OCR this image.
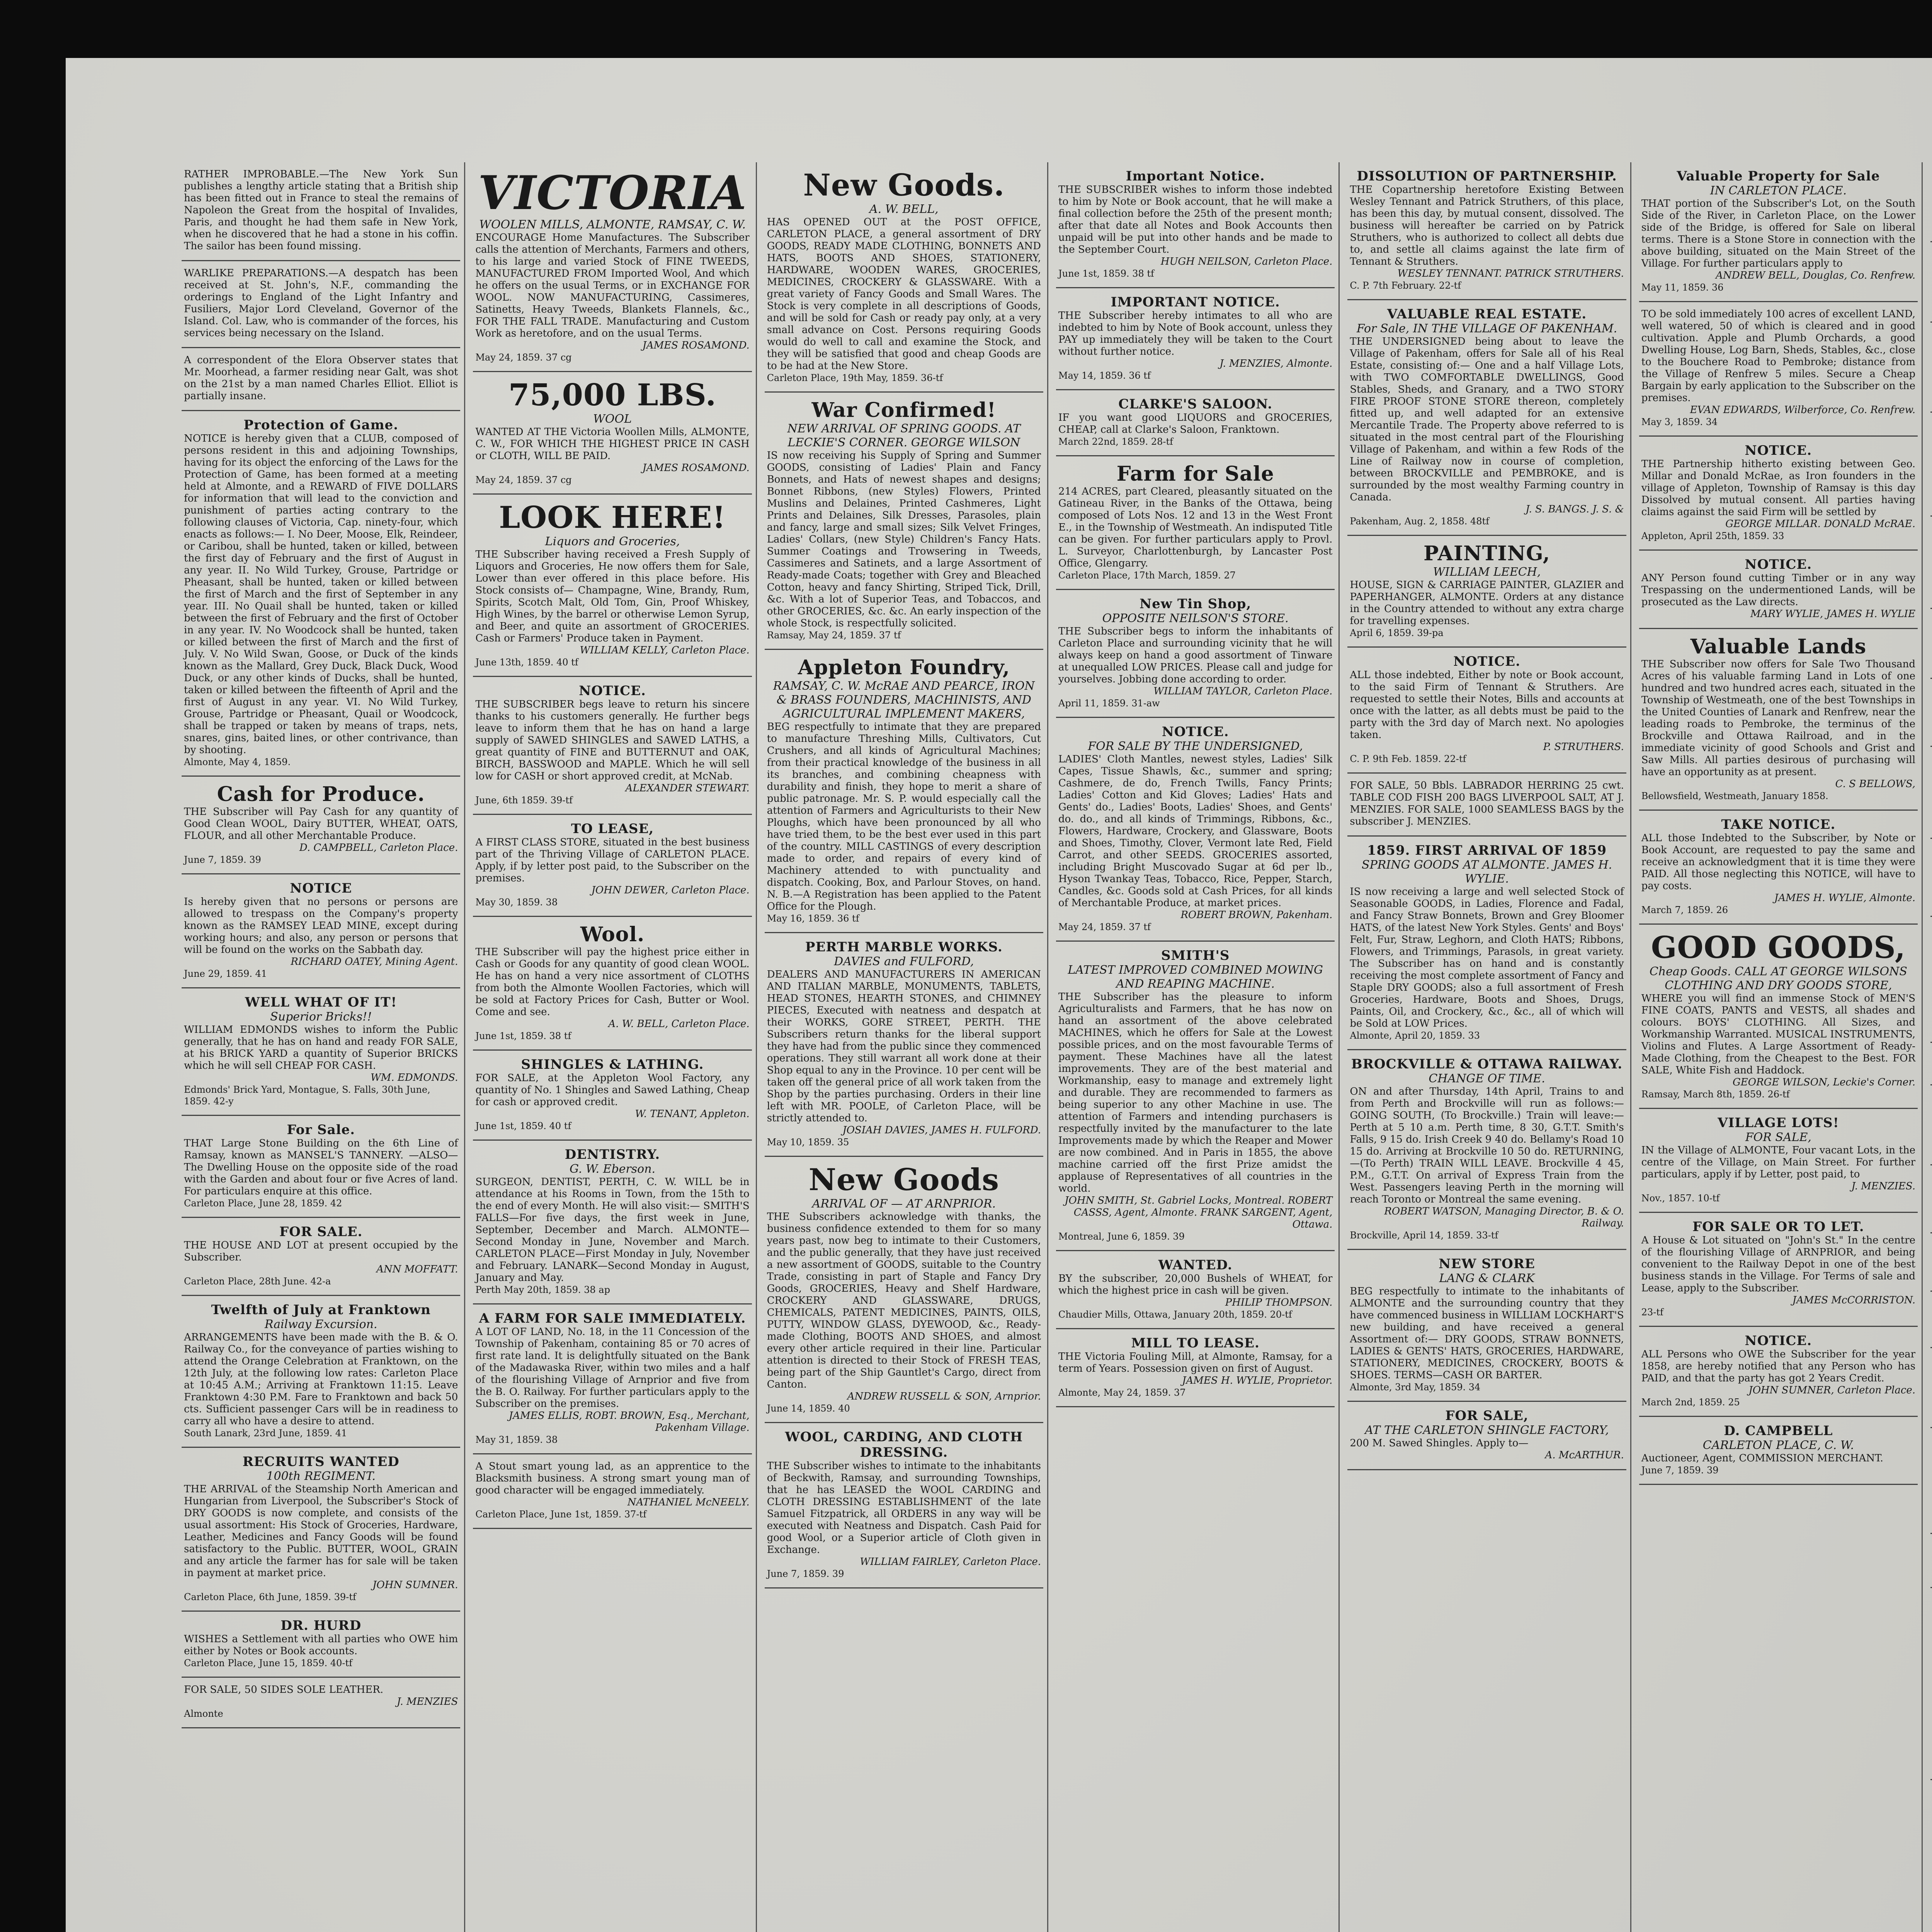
RATHER IMPROBABLE.—The New York Sun publishes a lengthy article stating that a British ship has been fitted out in France to steal the remains of Napoleon the Great from the hospital of Invalides, Paris, and thought he had them safe in New York, when he discovered that he had a stone in his coffin. The sailor has been found missing.
WARLIKE PREPARATIONS.—A despatch has been received at St. John's, N.F., commanding the orderings to England of the Light Infantry and Fusiliers, Major Lord Cleveland, Governor of the Island. Col. Law, who is commander of the forces, his services being necessary on the Island.
A correspondent of the Elora Observer states that Mr. Moorhead, a farmer residing near Galt, was shot on the 21st by a man named Charles Elliot. Elliot is partially insane.
Protection of Game.
NOTICE is hereby given that a CLUB, composed of persons resident in this and adjoining Townships, having for its object the enforcing of the Laws for the Protection of Game, has been formed at a meeting held at Almonte, and a REWARD of FIVE DOLLARS for information that will lead to the conviction and punishment of parties acting contrary to the following clauses of Victoria, Cap. ninety-four, which enacts as follows:— I. No Deer, Moose, Elk, Reindeer, or Caribou, shall be hunted, taken or killed, between the first day of February and the first of August in any year. II. No Wild Turkey, Grouse, Partridge or Pheasant, shall be hunted, taken or killed between the first of March and the first of September in any year. III. No Quail shall be hunted, taken or killed between the first of February and the first of October in any year. IV. No Woodcock shall be hunted, taken or killed between the first of March and the first of July. V. No Wild Swan, Goose, or Duck of the kinds known as the Mallard, Grey Duck, Black Duck, Wood Duck, or any other kinds of Ducks, shall be hunted, taken or killed between the fifteenth of April and the first of August in any year. VI. No Wild Turkey, Grouse, Partridge or Pheasant, Quail or Woodcock, shall be trapped or taken by means of traps, nets, snares, gins, baited lines, or other contrivance, than by shooting.
Almonte, May 4, 1859.
Cash for Produce.
THE Subscriber will Pay Cash for any quantity of Good Clean WOOL, Dairy BUTTER, WHEAT, OATS, FLOUR, and all other Merchantable Produce.
D. CAMPBELL, Carleton Place.
June 7, 1859. 39
NOTICE
Is hereby given that no persons or persons are allowed to trespass on the Company's property known as the RAMSEY LEAD MINE, except during working hours; and also, any person or persons that will be found on the works on the Sabbath day.
RICHARD OATEY, Mining Agent.
June 29, 1859. 41
WELL WHAT OF IT!
Superior Bricks!!
WILLIAM EDMONDS wishes to inform the Public generally, that he has on hand and ready FOR SALE, at his BRICK YARD a quantity of Superior BRICKS which he will sell CHEAP FOR CASH.
WM. EDMONDS.
Edmonds' Brick Yard, Montague, S. Falls, 30th June, 1859. 42-y
For Sale.
THAT Large Stone Building on the 6th Line of Ramsay, known as MANSEL'S TANNERY. —ALSO— The Dwelling House on the opposite side of the road with the Garden and about four or five Acres of land. For particulars enquire at this office.
Carleton Place, June 28, 1859. 42
FOR SALE.
THE HOUSE AND LOT at present occupied by the Subscriber.
ANN MOFFATT.
Carleton Place, 28th June. 42-a
Twelfth of July at Franktown
Railway Excursion.
ARRANGEMENTS have been made with the B. & O. Railway Co., for the conveyance of parties wishing to attend the Orange Celebration at Franktown, on the 12th July, at the following low rates: Carleton Place at 10:45 A.M.; Arriving at Franktown 11:15. Leave Franktown 4:30 P.M. Fare to Franktown and back 50 cts. Sufficient passenger Cars will be in readiness to carry all who have a desire to attend.
South Lanark, 23rd June, 1859. 41
RECRUITS WANTED
100th REGIMENT.
THE ARRIVAL of the Steamship North American and Hungarian from Liverpool, the Subscriber's Stock of DRY GOODS is now complete, and consists of the usual assortment: His Stock of Groceries, Hardware, Leather, Medicines and Fancy Goods will be found satisfactory to the Public. BUTTER, WOOL, GRAIN and any article the farmer has for sale will be taken in payment at market price.
JOHN SUMNER.
Carleton Place, 6th June, 1859. 39-tf
DR. HURD
WISHES a Settlement with all parties who OWE him either by Notes or Book accounts.
Carleton Place, June 15, 1859. 40-tf
FOR SALE, 50 SIDES SOLE LEATHER.
J. MENZIES
Almonte
VICTORIA
WOOLEN MILLS, ALMONTE, RAMSAY, C. W.
ENCOURAGE Home Manufactures. The Subscriber calls the attention of Merchants, Farmers and others, to his large and varied Stock of FINE TWEEDS, MANUFACTURED FROM Imported Wool, And which he offers on the usual Terms, or in EXCHANGE FOR WOOL. NOW MANUFACTURING, Cassimeres, Satinetts, Heavy Tweeds, Blankets Flannels, &c., FOR THE FALL TRADE. Manufacturing and Custom Work as heretofore, and on the usual Terms.
JAMES ROSAMOND.
May 24, 1859. 37 cg
75,000 LBS.
WOOL
WANTED AT THE Victoria Woollen Mills, ALMONTE, C. W., FOR WHICH THE HIGHEST PRICE IN CASH or CLOTH, WILL BE PAID.
JAMES ROSAMOND.
May 24, 1859. 37 cg
LOOK HERE!
Liquors and Groceries,
THE Subscriber having received a Fresh Supply of Liquors and Groceries, He now offers them for Sale, Lower than ever offered in this place before. His Stock consists of— Champagne, Wine, Brandy, Rum, Spirits, Scotch Malt, Old Tom, Gin, Proof Whiskey, High Wines, by the barrel or otherwise Lemon Syrup, and Beer, and quite an assortment of GROCERIES. Cash or Farmers' Produce taken in Payment.
WILLIAM KELLY, Carleton Place.
June 13th, 1859. 40 tf
NOTICE.
THE SUBSCRIBER begs leave to return his sincere thanks to his customers generally. He further begs leave to inform them that he has on hand a large supply of SAWED SHINGLES and SAWED LATHS, a great quantity of FINE and BUTTERNUT and OAK, BIRCH, BASSWOOD and MAPLE. Which he will sell low for CASH or short approved credit, at McNab.
ALEXANDER STEWART.
June, 6th 1859. 39-tf
TO LEASE,
A FIRST CLASS STORE, situated in the best business part of the Thriving Village of CARLETON PLACE. Apply, if by letter post paid, to the Subscriber on the premises.
JOHN DEWER, Carleton Place.
May 30, 1859. 38
Wool.
THE Subscriber will pay the highest price either in Cash or Goods for any quantity of good clean WOOL. He has on hand a very nice assortment of CLOTHS from both the Almonte Woollen Factories, which will be sold at Factory Prices for Cash, Butter or Wool. Come and see.
A. W. BELL, Carleton Place.
June 1st, 1859. 38 tf
SHINGLES & LATHING.
FOR SALE, at the Appleton Wool Factory, any quantity of No. 1 Shingles and Sawed Lathing, Cheap for cash or approved credit.
W. TENANT, Appleton.
June 1st, 1859. 40 tf
DENTISTRY.
G. W. Eberson.
SURGEON, DENTIST, PERTH, C. W. WILL be in attendance at his Rooms in Town, from the 15th to the end of every Month. He will also visit:— SMITH'S FALLS—For five days, the first week in June, September, December and March. ALMONTE—Second Monday in June, November and March. CARLETON PLACE—First Monday in July, November and February. LANARK—Second Monday in August, January and May.
Perth May 20th, 1859. 38 ap
A FARM FOR SALE IMMEDIATELY.
A LOT OF LAND, No. 18, in the 11 Concession of the Township of Pakenham, containing 85 or 70 acres of first rate land. It is delightfully situated on the Bank of the Madawaska River, within two miles and a half of the flourishing Village of Arnprior and five from the B. O. Railway. For further particulars apply to the Subscriber on the premises.
JAMES ELLIS, ROBT. BROWN, Esq., Merchant, Pakenham Village.
May 31, 1859. 38
A Stout smart young lad, as an apprentice to the Blacksmith business. A strong smart young man of good character will be engaged immediately.
NATHANIEL McNEELY.
Carleton Place, June 1st, 1859. 37-tf
New Goods.
A. W. BELL,
HAS OPENED OUT at the POST OFFICE, CARLETON PLACE, a general assortment of DRY GOODS, READY MADE CLOTHING, BONNETS AND HATS, BOOTS AND SHOES, STATIONERY, HARDWARE, WOODEN WARES, GROCERIES, MEDICINES, CROCKERY & GLASSWARE. With a great variety of Fancy Goods and Small Wares. The Stock is very complete in all descriptions of Goods, and will be sold for Cash or ready pay only, at a very small advance on Cost. Persons requiring Goods would do well to call and examine the Stock, and they will be satisfied that good and cheap Goods are to be had at the New Store.
Carleton Place, 19th May, 1859. 36-tf
War Confirmed!
NEW ARRIVAL OF SPRING GOODS. AT LECKIE'S CORNER. GEORGE WILSON
IS now receiving his Supply of Spring and Summer GOODS, consisting of Ladies' Plain and Fancy Bonnets, and Hats of newest shapes and designs; Bonnet Ribbons, (new Styles) Flowers, Printed Muslins and Delaines, Printed Cashmeres, Light Prints and Delaines, Silk Dresses, Parasoles, plain and fancy, large and small sizes; Silk Velvet Fringes, Ladies' Collars, (new Style) Children's Fancy Hats. Summer Coatings and Trowsering in Tweeds, Cassimeres and Satinets, and a large Assortment of Ready-made Coats; together with Grey and Bleached Cotton, heavy and fancy Shirting, Striped Tick, Drill, &c. With a lot of Superior Teas, and Tobaccos, and other GROCERIES, &c. &c. An early inspection of the whole Stock, is respectfully solicited.
Ramsay, May 24, 1859. 37 tf
Appleton Foundry,
RAMSAY, C. W. McRAE AND PEARCE, IRON & BRASS FOUNDERS, MACHINISTS, AND AGRICULTURAL IMPLEMENT MAKERS,
BEG respectfully to intimate that they are prepared to manufacture Threshing Mills, Cultivators, Cut Crushers, and all kinds of Agricultural Machines; from their practical knowledge of the business in all its branches, and combining cheapness with durability and finish, they hope to merit a share of public patronage. Mr. S. P. would especially call the attention of Farmers and Agriculturists to their New Ploughs, which have been pronounced by all who have tried them, to be the best ever used in this part of the country. MILL CASTINGS of every description made to order, and repairs of every kind of Machinery attended to with punctuality and dispatch. Cooking, Box, and Parlour Stoves, on hand. N. B.—A Registration has been applied to the Patent Office for the Plough.
May 16, 1859. 36 tf
PERTH MARBLE WORKS.
DAVIES and FULFORD,
DEALERS AND MANUFACTURERS IN AMERICAN AND ITALIAN MARBLE, MONUMENTS, TABLETS, HEAD STONES, HEARTH STONES, and CHIMNEY PIECES, Executed with neatness and despatch at their WORKS, GORE STREET, PERTH. THE Subscribers return thanks for the liberal support they have had from the public since they commenced operations. They still warrant all work done at their Shop equal to any in the Province. 10 per cent will be taken off the general price of all work taken from the Shop by the parties purchasing. Orders in their line left with MR. POOLE, of Carleton Place, will be strictly attended to.
JOSIAH DAVIES, JAMES H. FULFORD.
May 10, 1859. 35
New Goods
ARRIVAL OF — AT ARNPRIOR.
THE Subscribers acknowledge with thanks, the business confidence extended to them for so many years past, now beg to intimate to their Customers, and the public generally, that they have just received a new assortment of GOODS, suitable to the Country Trade, consisting in part of Staple and Fancy Dry Goods, GROCERIES, Heavy and Shelf Hardware, CROCKERY AND GLASSWARE, DRUGS, CHEMICALS, PATENT MEDICINES, PAINTS, OILS, PUTTY, WINDOW GLASS, DYEWOOD, &c., Ready-made Clothing, BOOTS AND SHOES, and almost every other article required in their line. Particular attention is directed to their Stock of FRESH TEAS, being part of the Ship Gauntlet's Cargo, direct from Canton.
ANDREW RUSSELL & SON, Arnprior.
June 14, 1859. 40
WOOL, CARDING, AND CLOTH DRESSING.
THE Subscriber wishes to intimate to the inhabitants of Beckwith, Ramsay, and surrounding Townships, that he has LEASED the WOOL CARDING and CLOTH DRESSING ESTABLISHMENT of the late Samuel Fitzpatrick, all ORDERS in any way will be executed with Neatness and Dispatch. Cash Paid for good Wool, or a Superior article of Cloth given in Exchange.
WILLIAM FAIRLEY, Carleton Place.
June 7, 1859. 39
Important Notice.
THE SUBSCRIBER wishes to inform those indebted to him by Note or Book account, that he will make a final collection before the 25th of the present month; after that date all Notes and Book Accounts then unpaid will be put into other hands and be made to the September Court.
HUGH NEILSON, Carleton Place.
June 1st, 1859. 38 tf
IMPORTANT NOTICE.
THE Subscriber hereby intimates to all who are indebted to him by Note of Book account, unless they PAY up immediately they will be taken to the Court without further notice.
J. MENZIES, Almonte.
May 14, 1859. 36 tf
CLARKE'S SALOON.
IF you want good LIQUORS and GROCERIES, CHEAP, call at Clarke's Saloon, Franktown.
March 22nd, 1859. 28-tf
Farm for Sale
214 ACRES, part Cleared, pleasantly situated on the Gatineau River, in the Banks of the Ottawa, being composed of Lots Nos. 12 and 13 in the West Front E., in the Township of Westmeath. An indisputed Title can be given. For further particulars apply to Provl. L. Surveyor, Charlottenburgh, by Lancaster Post Office, Glengarry.
Carleton Place, 17th March, 1859. 27
New Tin Shop,
OPPOSITE NEILSON'S STORE.
THE Subscriber begs to inform the inhabitants of Carleton Place and surrounding vicinity that he will always keep on hand a good assortment of Tinware at unequalled LOW PRICES. Please call and judge for yourselves. Jobbing done according to order.
WILLIAM TAYLOR, Carleton Place.
April 11, 1859. 31-aw
NOTICE.
FOR SALE BY THE UNDERSIGNED,
LADIES' Cloth Mantles, newest styles, Ladies' Silk Capes, Tissue Shawls, &c., summer and spring; Cashmere, de do, French Twills, Fancy Prints; Ladies' Cotton and Kid Gloves; Ladies' Hats and Gents' do., Ladies' Boots, Ladies' Shoes, and Gents' do. do., and all kinds of Trimmings, Ribbons, &c., Flowers, Hardware, Crockery, and Glassware, Boots and Shoes, Timothy, Clover, Vermont late Red, Field Carrot, and other SEEDS. GROCERIES assorted, including Bright Muscovado Sugar at 6d per lb., Hyson Twankay Teas, Tobacco, Rice, Pepper, Starch, Candles, &c. Goods sold at Cash Prices, for all kinds of Merchantable Produce, at market prices.
ROBERT BROWN, Pakenham.
May 24, 1859. 37 tf
SMITH'S
LATEST IMPROVED COMBINED MOWING AND REAPING MACHINE.
THE Subscriber has the pleasure to inform Agriculturalists and Farmers, that he has now on hand an assortment of the above celebrated MACHINES, which he offers for Sale at the Lowest possible prices, and on the most favourable Terms of payment. These Machines have all the latest improvements. They are of the best material and Workmanship, easy to manage and extremely light and durable. They are recommended to farmers as being superior to any other Machine in use. The attention of Farmers and intending purchasers is respectfully invited by the manufacturer to the late Improvements made by which the Reaper and Mower are now combined. And in Paris in 1855, the above machine carried off the first Prize amidst the applause of Representatives of all countries in the world.
JOHN SMITH, St. Gabriel Locks, Montreal. ROBERT CASSS, Agent, Almonte. FRANK SARGENT, Agent, Ottawa.
Montreal, June 6, 1859. 39
WANTED.
BY the subscriber, 20,000 Bushels of WHEAT, for which the highest price in cash will be given.
PHILIP THOMPSON.
Chaudier Mills, Ottawa, January 20th, 1859. 20-tf
MILL TO LEASE.
THE Victoria Fouling Mill, at Almonte, Ramsay, for a term of Years. Possession given on first of August.
JAMES H. WYLIE, Proprietor.
Almonte, May 24, 1859. 37
DISSOLUTION OF PARTNERSHIP.
THE Copartnership heretofore Existing Between Wesley Tennant and Patrick Struthers, of this place, has been this day, by mutual consent, dissolved. The business will hereafter be carried on by Patrick Struthers, who is authorized to collect all debts due to, and settle all claims against the late firm of Tennant & Struthers.
WESLEY TENNANT. PATRICK STRUTHERS.
C. P. 7th February. 22-tf
VALUABLE REAL ESTATE.
For Sale, IN THE VILLAGE OF PAKENHAM.
THE UNDERSIGNED being about to leave the Village of Pakenham, offers for Sale all of his Real Estate, consisting of:— One and a half Village Lots, with TWO COMFORTABLE DWELLINGS, Good Stables, Sheds, and Granary, and a TWO STORY FIRE PROOF STONE STORE thereon, completely fitted up, and well adapted for an extensive Mercantile Trade. The Property above referred to is situated in the most central part of the Flourishing Village of Pakenham, and within a few Rods of the Line of Railway now in course of completion, between BROCKVILLE and PEMBROKE, and is surrounded by the most wealthy Farming country in Canada.
J. S. BANGS. J. S. &
Pakenham, Aug. 2, 1858. 48tf
PAINTING,
WILLIAM LEECH,
HOUSE, SIGN & CARRIAGE PAINTER, GLAZIER and PAPERHANGER, ALMONTE. Orders at any distance in the Country attended to without any extra charge for travelling expenses.
April 6, 1859. 39-pa
NOTICE.
ALL those indebted, Either by note or Book account, to the said Firm of Tennant & Struthers. Are requested to settle their Notes, Bills and accounts at once with the latter, as all debts must be paid to the party with the 3rd day of March next. No apologies taken.
P. STRUTHERS.
C. P. 9th Feb. 1859. 22-tf
FOR SALE, 50 Bbls. LABRADOR HERRING 25 cwt. TABLE COD FISH 200 BAGS LIVERPOOL SALT, AT J. MENZIES. FOR SALE, 1000 SEAMLESS BAGS by the subscriber J. MENZIES.
1859. FIRST ARRIVAL OF 1859
SPRING GOODS AT ALMONTE. JAMES H. WYLIE.
IS now receiving a large and well selected Stock of Seasonable GOODS, in Ladies, Florence and Fadal, and Fancy Straw Bonnets, Brown and Grey Bloomer HATS, of the latest New York Styles. Gents' and Boys' Felt, Fur, Straw, Leghorn, and Cloth HATS; Ribbons, Flowers, and Trimmings, Parasols, in great variety. The Subscriber has on hand and is constantly receiving the most complete assortment of Fancy and Staple DRY GOODS; also a full assortment of Fresh Groceries, Hardware, Boots and Shoes, Drugs, Paints, Oil, and Crockery, &c., &c., all of which will be Sold at LOW Prices.
Almonte, April 20, 1859. 33
BROCKVILLE & OTTAWA RAILWAY.
CHANGE OF TIME.
ON and after Thursday, 14th April, Trains to and from Perth and Brockville will run as follows:— GOING SOUTH, (To Brockville.) Train will leave:— Perth at 5 10 a.m. Perth time, 8 30, G.T.T. Smith's Falls, 9 15 do. Irish Creek 9 40 do. Bellamy's Road 10 15 do. Arriving at Brockville 10 50 do. RETURNING,—(To Perth) TRAIN WILL LEAVE. Brockville 4 45, P.M., G.T.T. On arrival of Express Train from the West. Passengers leaving Perth in the morning will reach Toronto or Montreal the same evening.
ROBERT WATSON, Managing Director, B. & O. Railway.
Brockville, April 14, 1859. 33-tf
NEW STORE
LANG & CLARK
BEG respectfully to intimate to the inhabitants of ALMONTE and the surrounding country that they have commenced business in WILLIAM LOCKHART'S new building, and have received a general Assortment of:— DRY GOODS, STRAW BONNETS, LADIES & GENTS' HATS, GROCERIES, HARDWARE, STATIONERY, MEDICINES, CROCKERY, BOOTS & SHOES. TERMS—CASH OR BARTER.
Almonte, 3rd May, 1859. 34
FOR SALE,
AT THE CARLETON SHINGLE FACTORY,
200 M. Sawed Shingles. Apply to—
A. McARTHUR.
Valuable Property for Sale
IN CARLETON PLACE.
THAT portion of the Subscriber's Lot, on the South Side of the River, in Carleton Place, on the Lower side of the Bridge, is offered for Sale on liberal terms. There is a Stone Store in connection with the above building, situated on the Main Street of the Village. For further particulars apply to
ANDREW BELL, Douglas, Co. Renfrew.
May 11, 1859. 36
TO be sold immediately 100 acres of excellent LAND, well watered, 50 of which is cleared and in good cultivation. Apple and Plumb Orchards, a good Dwelling House, Log Barn, Sheds, Stables, &c., close to the Bouchere Road to Pembroke; distance from the Village of Renfrew 5 miles. Secure a Cheap Bargain by early application to the Subscriber on the premises.
EVAN EDWARDS, Wilberforce, Co. Renfrew.
May 3, 1859. 34
NOTICE.
THE Partnership hitherto existing between Geo. Millar and Donald McRae, as Iron founders in the village of Appleton, Township of Ramsay is this day Dissolved by mutual consent. All parties having claims against the said Firm will be settled by
GEORGE MILLAR. DONALD McRAE.
Appleton, April 25th, 1859. 33
NOTICE.
ANY Person found cutting Timber or in any way Trespassing on the undermentioned Lands, will be prosecuted as the Law directs.
MARY WYLIE, JAMES H. WYLIE
Valuable Lands
THE Subscriber now offers for Sale Two Thousand Acres of his valuable farming Land in Lots of one hundred and two hundred acres each, situated in the Township of Westmeath, one of the best Townships in the United Counties of Lanark and Renfrew, near the leading roads to Pembroke, the terminus of the Brockville and Ottawa Railroad, and in the immediate vicinity of good Schools and Grist and Saw Mills. All parties desirous of purchasing will have an opportunity as at present.
C. S BELLOWS,
Bellowsfield, Westmeath, January 1858.
TAKE NOTICE.
ALL those Indebted to the Subscriber, by Note or Book Account, are requested to pay the same and receive an acknowledgment that it is time they were PAID. All those neglecting this NOTICE, will have to pay costs.
JAMES H. WYLIE, Almonte.
March 7, 1859. 26
GOOD GOODS,
Cheap Goods. CALL AT GEORGE WILSONS CLOTHING AND DRY GOODS STORE,
WHERE you will find an immense Stock of MEN'S FINE COATS, PANTS and VESTS, all shades and colours. BOYS' CLOTHING. All Sizes, and Workmanship Warranted. MUSICAL INSTRUMENTS, Violins and Flutes. A Large Assortment of Ready-Made Clothing, from the Cheapest to the Best. FOR SALE, White Fish and Haddock.
GEORGE WILSON, Leckie's Corner.
Ramsay, March 8th, 1859. 26-tf
VILLAGE LOTS!
FOR SALE,
IN the Village of ALMONTE, Four vacant Lots, in the centre of the Village, on Main Street. For further particulars, apply if by Letter, post paid, to
J. MENZIES.
Nov., 1857. 10-tf
FOR SALE OR TO LET.
A House & Lot situated on "John's St." In the centre of the flourishing Village of ARNPRIOR, and being convenient to the Railway Depot in one of the best business stands in the Village. For Terms of sale and Lease, apply to the Subscriber.
JAMES McCORRISTON.
23-tf
NOTICE.
ALL Persons who OWE the Subscriber for the year 1858, are hereby notified that any Person who has PAID, and that the party has got 2 Years Credit.
JOHN SUMNER, Carleton Place.
March 2nd, 1859. 25
D. CAMPBELL
CARLETON PLACE, C. W.
Auctioneer, Agent, COMMISSION MERCHANT.
June 7, 1859. 39
